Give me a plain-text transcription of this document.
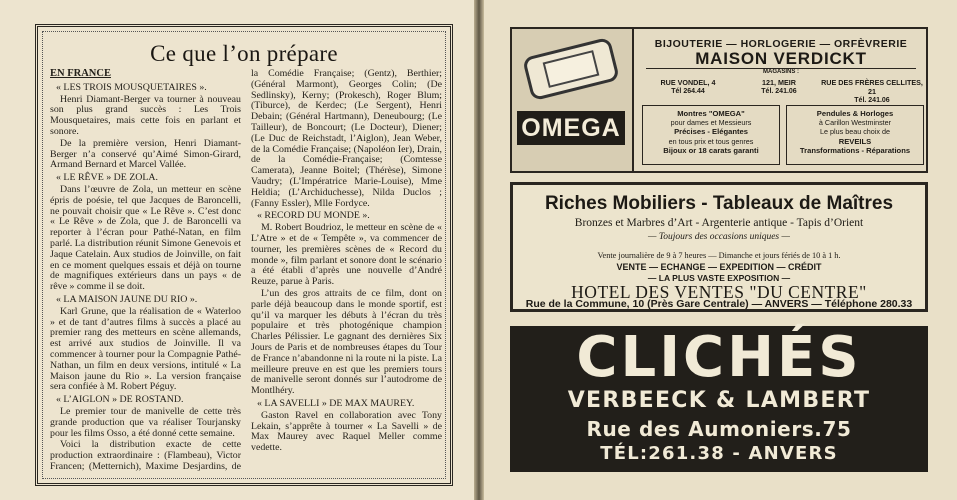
Ce que l’on prépare

EN FRANCE

« LES TROIS MOUSQUETAIRES ».

Henri Diamant-Berger va tourner à nouveau son plus grand succès : Les Trois Mousquetaires, mais cette fois en parlant et sonore.

De la première version, Henri Diamant-Berger n’a conservé qu’Aimé Simon-Girard, Armand Bernard et Marcel Vallée.

« LE RÊVE » DE ZOLA.

Dans l’œuvre de Zola, un metteur en scène épris de poésie, tel que Jacques de Baroncelli, ne pouvait choisir que « Le Rêve ». C’est donc « Le Rêve » de Zola, que J. de Baroncelli va reporter à l’écran pour Pathé-Natan, en film parlé. La distribution réunit Simone Genevois et Jaque Catelain. Aux studios de Joinville, on fait en ce moment quelques essais et déjà on tourne de magnifiques extérieurs dans un pays « de rêve » comme il se doit.

« LA MAISON JAUNE DU RIO ».

Karl Grune, que la réalisation de « Waterloo » et de tant d’autres films à succès a placé au premier rang des metteurs en scène allemands, est arrivé aux studios de Joinville. Il va commencer à tourner pour la Compagnie Pathé-Nathan, un film en deux versions, intitulé « La Maison jaune du Rio ». La version française sera confiée à M. Robert Péguy.

« L’AIGLON » DE ROSTAND.

Le premier tour de manivelle de cette très grande production que va réaliser Tourjansky pour les films Osso, a été donné cette semaine.

Voici la distribution exacte de cette production extraordinaire : (Flambeau), Victor Francen; (Metternich), Maxime Desjardins, de la Comédie Française; (Gentz), Berthier; (Général Marmont), Georges Colin; (De Sedlinsky), Kerny; (Prokesch), Roger Blum; (Tiburce), de Kerdec; (Le Sergent), Henri Debain; (Général Hartmann), Deneubourg; (Le Tailleur), de Boncourt; (Le Docteur), Diener; (Le Duc de Reichstadt, l’Aiglon), Jean Weber, de la Comédie Française; (Napoléon Ier), Drain, de la Comédie-Française; (Comtesse Camerata), Jeanne Boitel; (Thérèse), Simone Vaudry; (L’Impératrice Marie-Louise), Mme Heldia; (L’Archiduchesse), Nilda Duclos ;(Fanny Essler), Mlle Fordyce.

« RECORD DU MONDE ».

M. Robert Boudrioz, le metteur en scène de « L’Atre » et de « Tempête », va commencer de tourner, les premières scènes de « Record du monde », film parlant et sonore dont le scénario a été établi d’après une nouvelle d’André Reuze, parue à Paris.

L’un des gros attraits de ce film, dont on parle déjà beaucoup dans le monde sportif, est qu’il va marquer les débuts à l’écran du très populaire et très photogénique champion Charles Pélissier. Le gagnant des dernières Six Jours de Paris et de nombreuses étapes du Tour de France n’abandonne ni la route ni la piste. La meilleure preuve en est que les premiers tours de manivelle seront donnés sur l’autodrome de Montlhéry.

« LA SAVELLI » DE MAX MAUREY.

Gaston Ravel en collaboration avec Tony Lekain, s’apprête à tourner « La Savelli » de Max Maurey avec Raquel Meller comme vedette.

OMEGA
BIJOUTERIE — HORLOGERIE — ORFÈVRERIE
MAISON VERDICKT
MAGASINS :
RUE VONDEL, 4
Tél 264.44
121, MEIR
Tél. 241.06
RUE DES FRÈRES CELLITES, 21
Tél. 241.06
Montres "OMEGA"
pour dames et Messieurs
Précises - Elégantes
en tous prix et tous genres
Bijoux or 18 carats garanti
Pendules & Horloges
à Carillon Westminster
Le plus beau choix de
REVEILS
Transformations - Réparations
Riches Mobiliers - Tableaux de Maîtres
Bronzes et Marbres d’Art - Argenterie antique - Tapis d’Orient
— Toujours des occasions uniques —
Vente journalière de 9 à 7 heures — Dimanche et jours fériés de 10 à 1 h.
VENTE — ECHANGE — EXPEDITION — CRÉDIT
— LA PLUS VASTE EXPOSITION —
HOTEL DES VENTES "DU CENTRE"
Rue de la Commune, 10 (Près Gare Centrale) — ANVERS — Téléphone 280.33
CLICHÉS
VERBEECK & LAMBERT
Rue des Aumoniers.75
TÉL:261.38 - ANVERS
